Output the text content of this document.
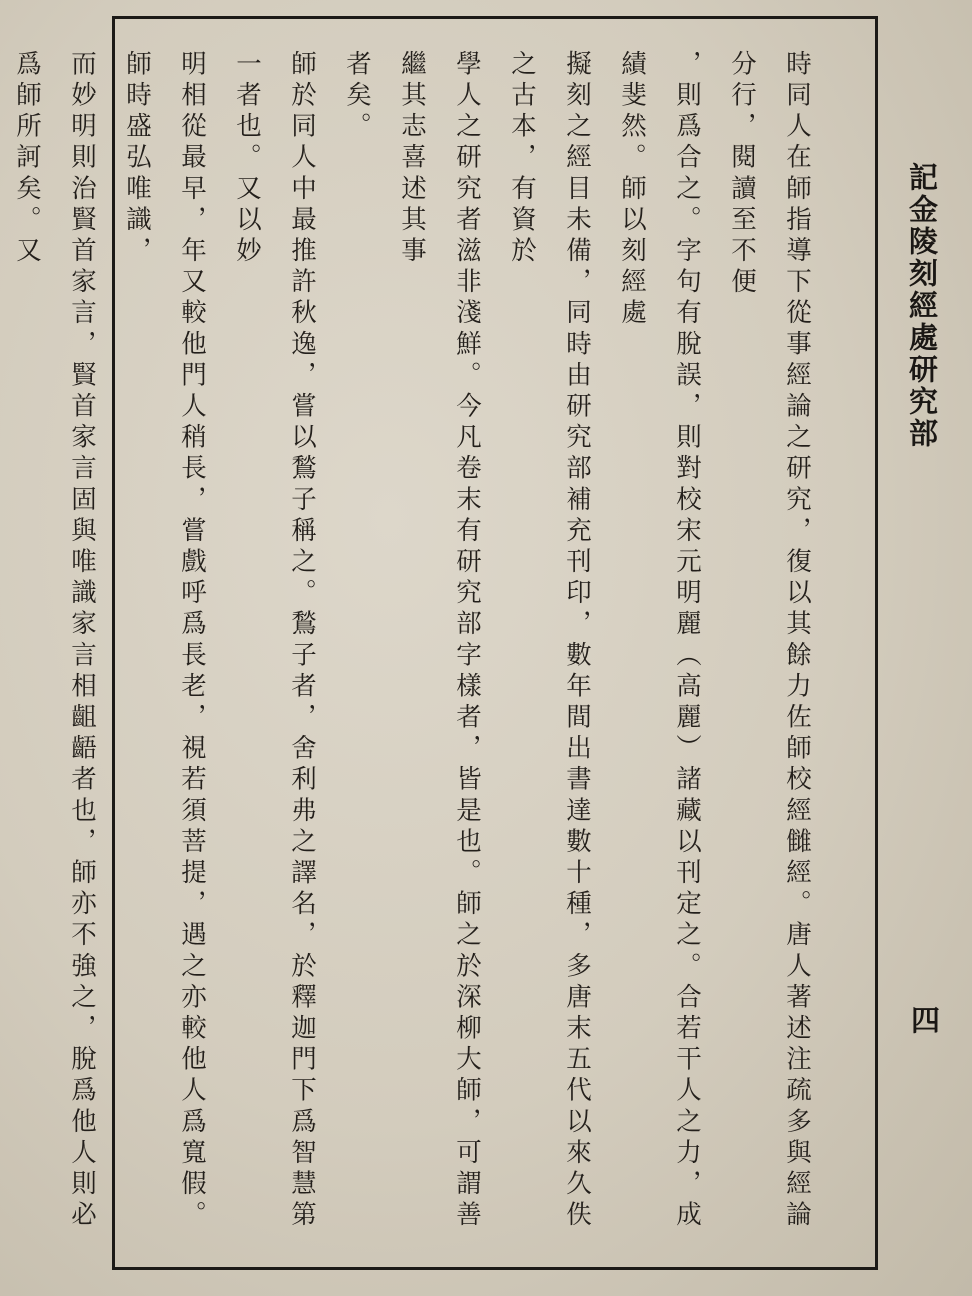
記金陵刻經處研究部
時同人在師指導下從事經論之研究，復以其餘力佐師校經雠經。唐人著述注疏多與經論分行，閱讀至不便
，則爲合之。字句有脫誤，則對校宋元明麗（高麗）諸藏以刊定之。合若干人之力，成績斐然。師以刻經處
擬刻之經目未備，同時由研究部補充刊印，數年間出書達數十種，多唐末五代以來久佚之古本，有資於
學人之研究者滋非淺鮮。今凡卷末有研究部字樣者，皆是也。師之於深柳大師，可謂善繼其志喜述其事
者矣。
師於同人中最推許秋逸，嘗以鶖子稱之。鶖子者，舍利弗之譯名，於釋迦門下爲智慧第一者也。又以妙
明相從最早，年又較他門人稍長，嘗戲呼爲長老，視若須菩提，遇之亦較他人爲寬假。師時盛弘唯識，
而妙明則治賢首家言，賢首家言固與唯識家言相齟齬者也，師亦不強之，脫爲他人則必爲師所訶矣。又
四
